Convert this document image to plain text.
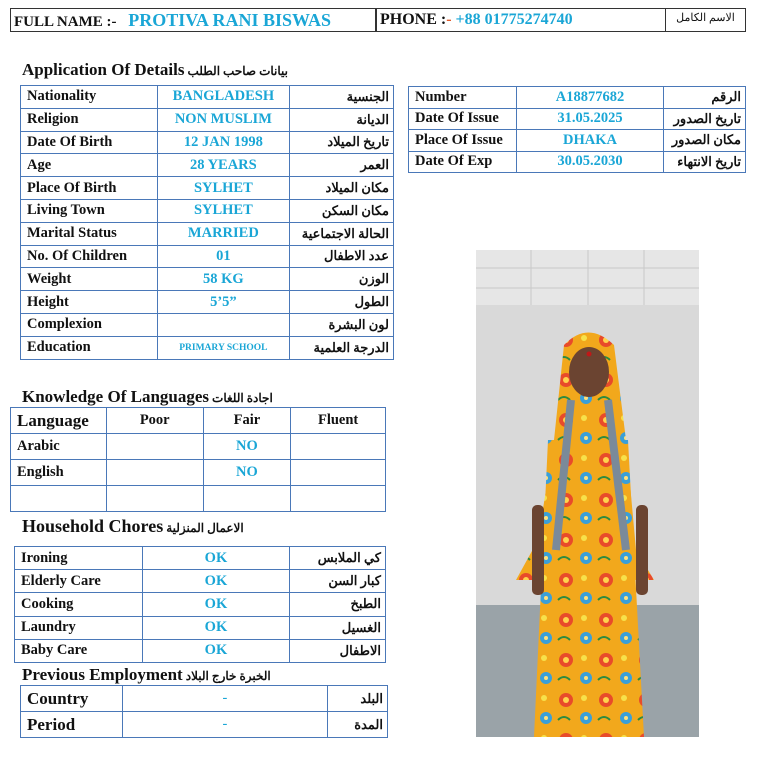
FULL NAME :- PROTIVA RANI BISWAS	PHONE :- +88 01775274740	الاسم الكامل
Application Of Details بيانات صاحب الطلب
Nationality	BANGLADESH	الجنسية
Religion	NON MUSLIM	الديانة
Date Of Birth	12 JAN 1998	تاريخ الميلاد
Age	28 YEARS	العمر
Place Of Birth	SYLHET	مكان الميلاد
Living Town	SYLHET	مكان السكن
Marital Status	MARRIED	الحالة الاجتماعية
No. Of Children	01	عدد الاطفال
Weight	58 KG	الوزن
Height	5’5”	الطول
Complexion		لون البشرة
Education	PRIMARY SCHOOL	الدرجة العلمية
Number	A18877682	الرقم
Date Of Issue	31.05.2025	تاريخ الصدور
Place Of Issue	DHAKA	مكان الصدور
Date Of Exp	30.05.2030	تاريخ الانتهاء
Knowledge Of Languages اجادة اللغات
Language	Poor	Fair	Fluent
Arabic		NO	
English		NO	

Household Chores الاعمال المنزلية
Ironing	OK	كي الملابس
Elderly Care	OK	كبار السن
Cooking	OK	الطبخ
Laundry	OK	الغسيل
Baby Care	OK	الاطفال
Previous Employment الخبرة خارج البلاد
Country	-	البلد
Period	-	المدة
